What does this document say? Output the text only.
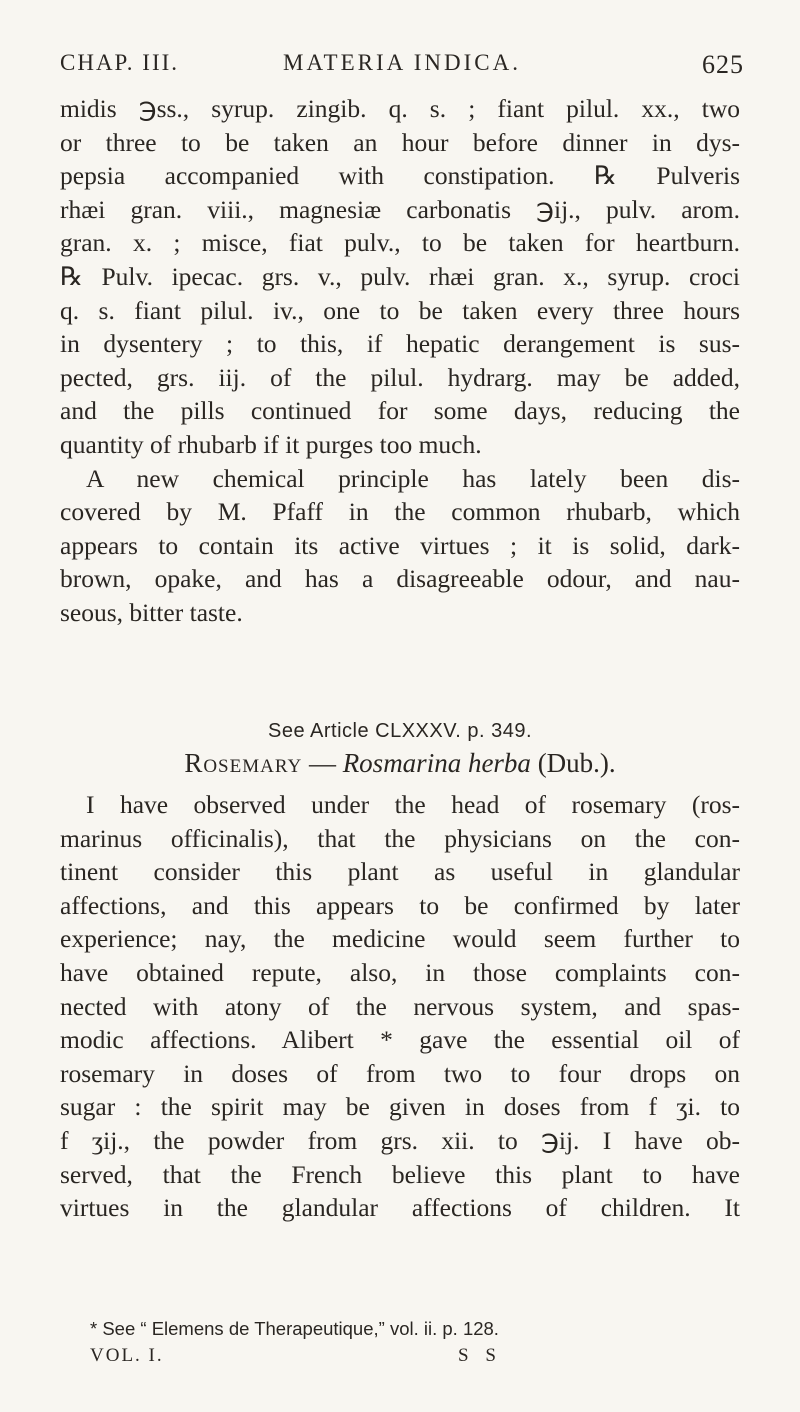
CHAP. III.	MATERIA INDICA.	625
midis ℈ss., syrup. zingib. q. s. ; fiant pilul. xx., two
or three to be taken an hour before dinner in dys-
pepsia accompanied with constipation. ℞ Pulveris
rhæi gran. viii., magnesiæ carbonatis ℈ij., pulv. arom.
gran. x. ; misce, fiat pulv., to be taken for heartburn.
℞ Pulv. ipecac. grs. v., pulv. rhæi gran. x., syrup. croci
q. s. fiant pilul. iv., one to be taken every three hours
in dysentery ; to this, if hepatic derangement is sus-
pected, grs. iij. of the pilul. hydrarg. may be added,
and the pills continued for some days, reducing the
quantity of rhubarb if it purges too much.
A new chemical principle has lately been dis-
covered by M. Pfaff in the common rhubarb, which
appears to contain its active virtues ; it is solid, dark-
brown, opake, and has a disagreeable odour, and nau-
seous, bitter taste.
See Article CLXXXV. p. 349.
Rosemary — Rosmarina herba (Dub.).
I have observed under the head of rosemary (ros-
marinus officinalis), that the physicians on the con-
tinent consider this plant as useful in glandular
affections, and this appears to be confirmed by later
experience; nay, the medicine would seem further to
have obtained repute, also, in those complaints con-
nected with atony of the nervous system, and spas-
modic affections. Alibert * gave the essential oil of
rosemary in doses of from two to four drops on
sugar : the spirit may be given in doses from f ʒi. to
f ʒij., the powder from grs. xii. to ℈ij. I have ob-
served, that the French believe this plant to have
virtues in the glandular affections of children. It
* See “ Elemens de Therapeutique,” vol. ii. p. 128.
VOL. I.	S S
